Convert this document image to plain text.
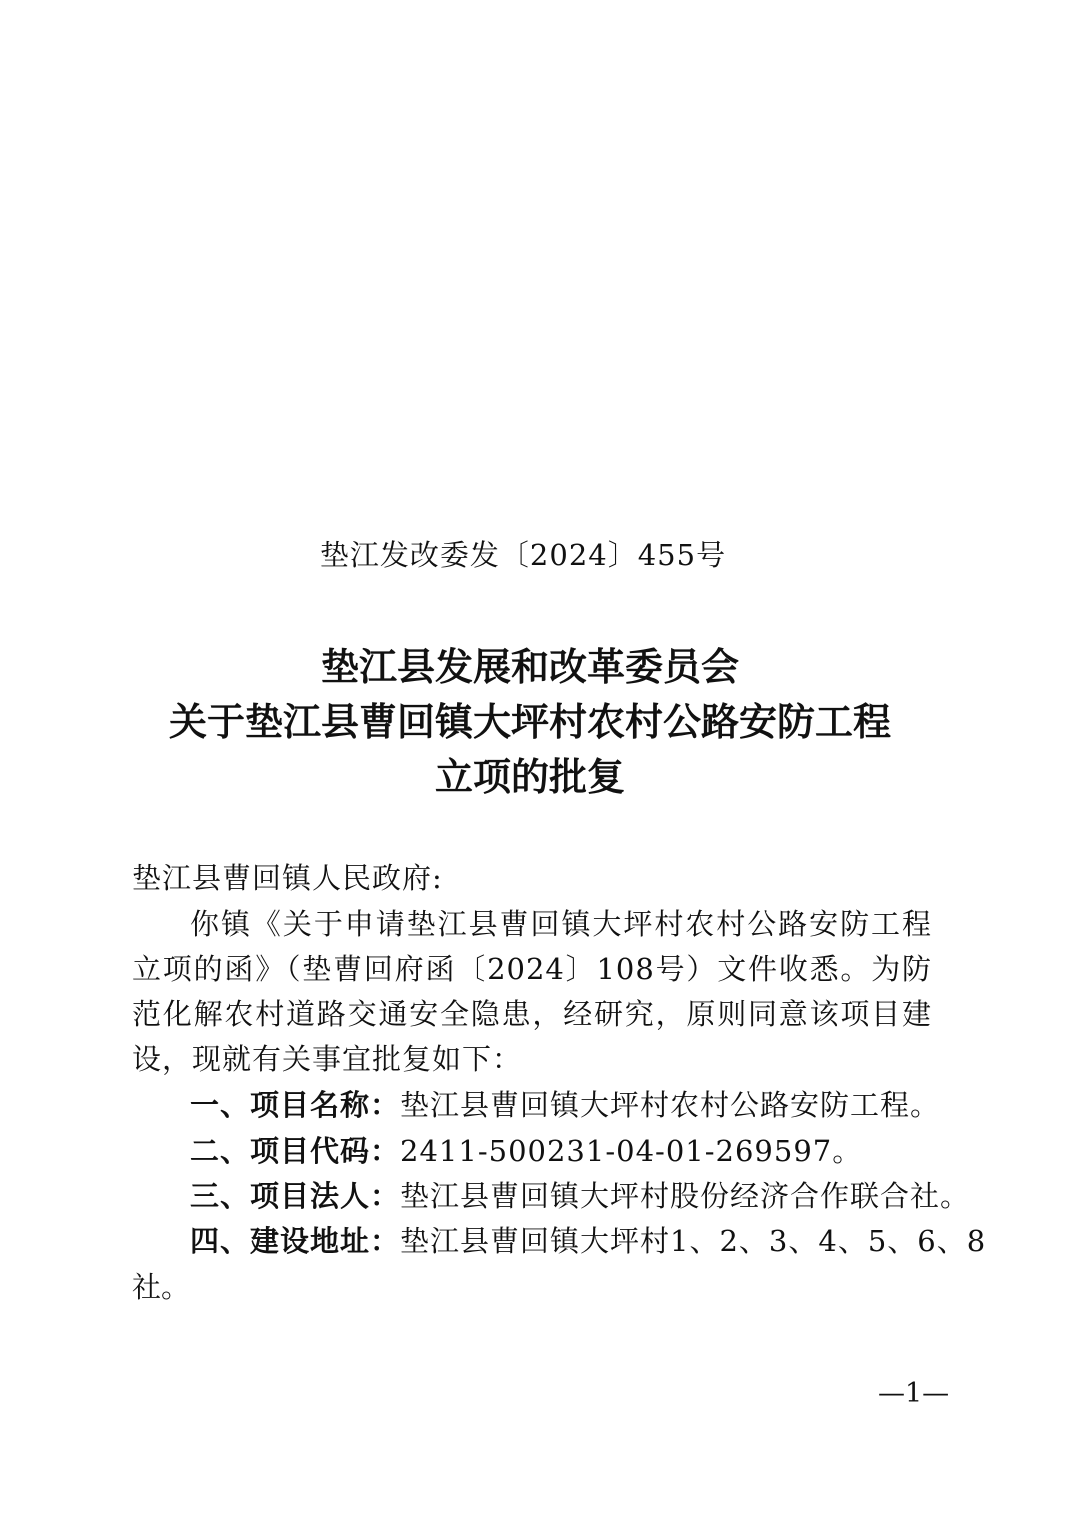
垫江发改委发〔2024〕455号
垫江县发展和改革委员会
关于垫江县曹回镇大坪村农村公路安防工程
立项的批复
垫江县曹回镇人民政府:
你镇《关于申请垫江县曹回镇大坪村农村公路安防工程立项的函》（垫曹回府函〔2024〕108号）文件收悉。为防范化解农村道路交通安全隐患，经研究，原则同意该项目建设，现就有关事宜批复如下：
一、项目名称：垫江县曹回镇大坪村农村公路安防工程。
二、项目代码：2411-500231-04-01-269597。
三、项目法人：垫江县曹回镇大坪村股份经济合作联合社。
四、建设地址：垫江县曹回镇大坪村1、2、3、4、5、6、8
社。
—1—
